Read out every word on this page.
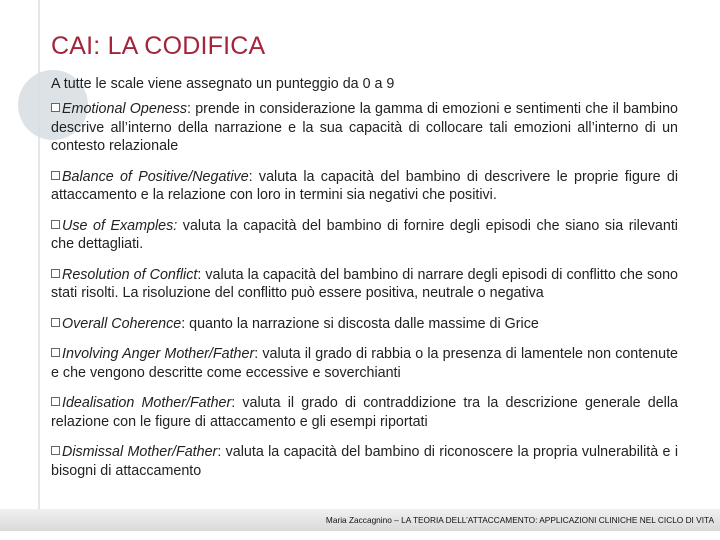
CAI: LA CODIFICA
A tutte le scale viene assegnato un punteggio da 0 a 9

Emotional Openess: prende in considerazione la gamma di emozioni e sentimenti che il bambino descrive all’interno della narrazione e la sua capacità di collocare tali emozioni all’interno di un contesto relazionale

Balance of Positive/Negative: valuta la capacità del bambino di descrivere le proprie figure di attaccamento e la relazione con loro in termini sia negativi che positivi.

Use of Examples: valuta la capacità del bambino di fornire degli episodi che siano sia rilevanti che dettagliati.

Resolution of Conflict: valuta la capacità del bambino di narrare degli episodi di conflitto che sono stati risolti. La risoluzione del conflitto può essere positiva, neutrale o negativa

Overall Coherence: quanto la narrazione si discosta dalle massime di Grice

Involving Anger Mother/Father: valuta il grado di rabbia o la presenza di lamentele non contenute e che vengono descritte come eccessive e soverchianti

Idealisation Mother/Father: valuta il grado di contraddizione tra la descrizione generale della relazione con le figure di attaccamento e gli esempi riportati

Dismissal Mother/Father: valuta la capacità del bambino di riconoscere la propria vulnerabilità e i bisogni di attaccamento

Maria Zaccagnino – LA TEORIA DELL’ATTACCAMENTO: APPLICAZIONI CLINICHE NEL CICLO DI VITA
